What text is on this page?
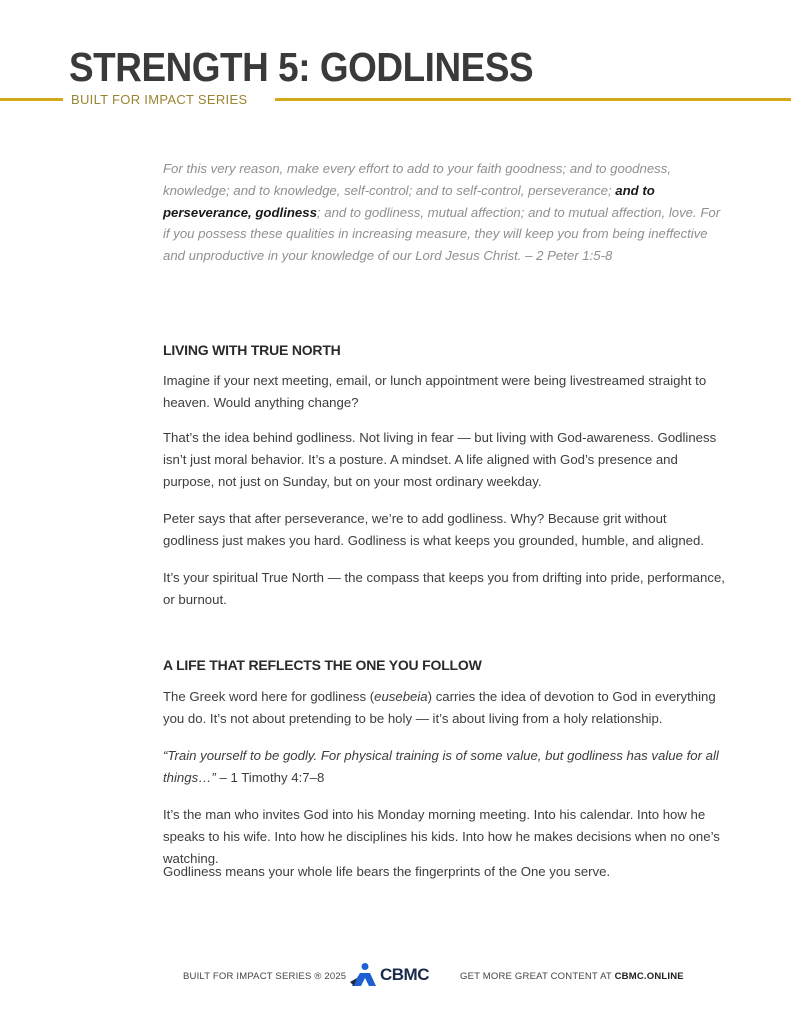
STRENGTH 5: GODLINESS
BUILT FOR IMPACT SERIES

For this very reason, make every effort to add to your faith goodness; and to goodness, knowledge; and to knowledge, self-control; and to self-control, perseverance; and to perseverance, godliness; and to godliness, mutual affection; and to mutual affection, love. For if you possess these qualities in increasing measure, they will keep you from being ineffective and unproductive in your knowledge of our Lord Jesus Christ. – 2 Peter 1:5-8

LIVING WITH TRUE NORTH

Imagine if your next meeting, email, or lunch appointment were being livestreamed straight to heaven. Would anything change?

That’s the idea behind godliness. Not living in fear — but living with God-awareness. Godliness isn’t just moral behavior. It’s a posture. A mindset. A life aligned with God’s presence and purpose, not just on Sunday, but on your most ordinary weekday.

Peter says that after perseverance, we’re to add godliness. Why? Because grit without godliness just makes you hard. Godliness is what keeps you grounded, humble, and aligned.

It’s your spiritual True North — the compass that keeps you from drifting into pride, performance, or burnout.

A LIFE THAT REFLECTS THE ONE YOU FOLLOW

The Greek word here for godliness (eusebeia) carries the idea of devotion to God in everything you do. It’s not about pretending to be holy — it’s about living from a holy relationship.

“Train yourself to be godly. For physical training is of some value, but godliness has value for all things…” – 1 Timothy 4:7–8

It’s the man who invites God into his Monday morning meeting. Into his calendar. Into how he speaks to his wife. Into how he disciplines his kids. Into how he makes decisions when no one’s watching.

Godliness means your whole life bears the fingerprints of the One you serve.

BUILT FOR IMPACT SERIES ® 2025 CBMC	GET MORE GREAT CONTENT AT CBMC.ONLINE
